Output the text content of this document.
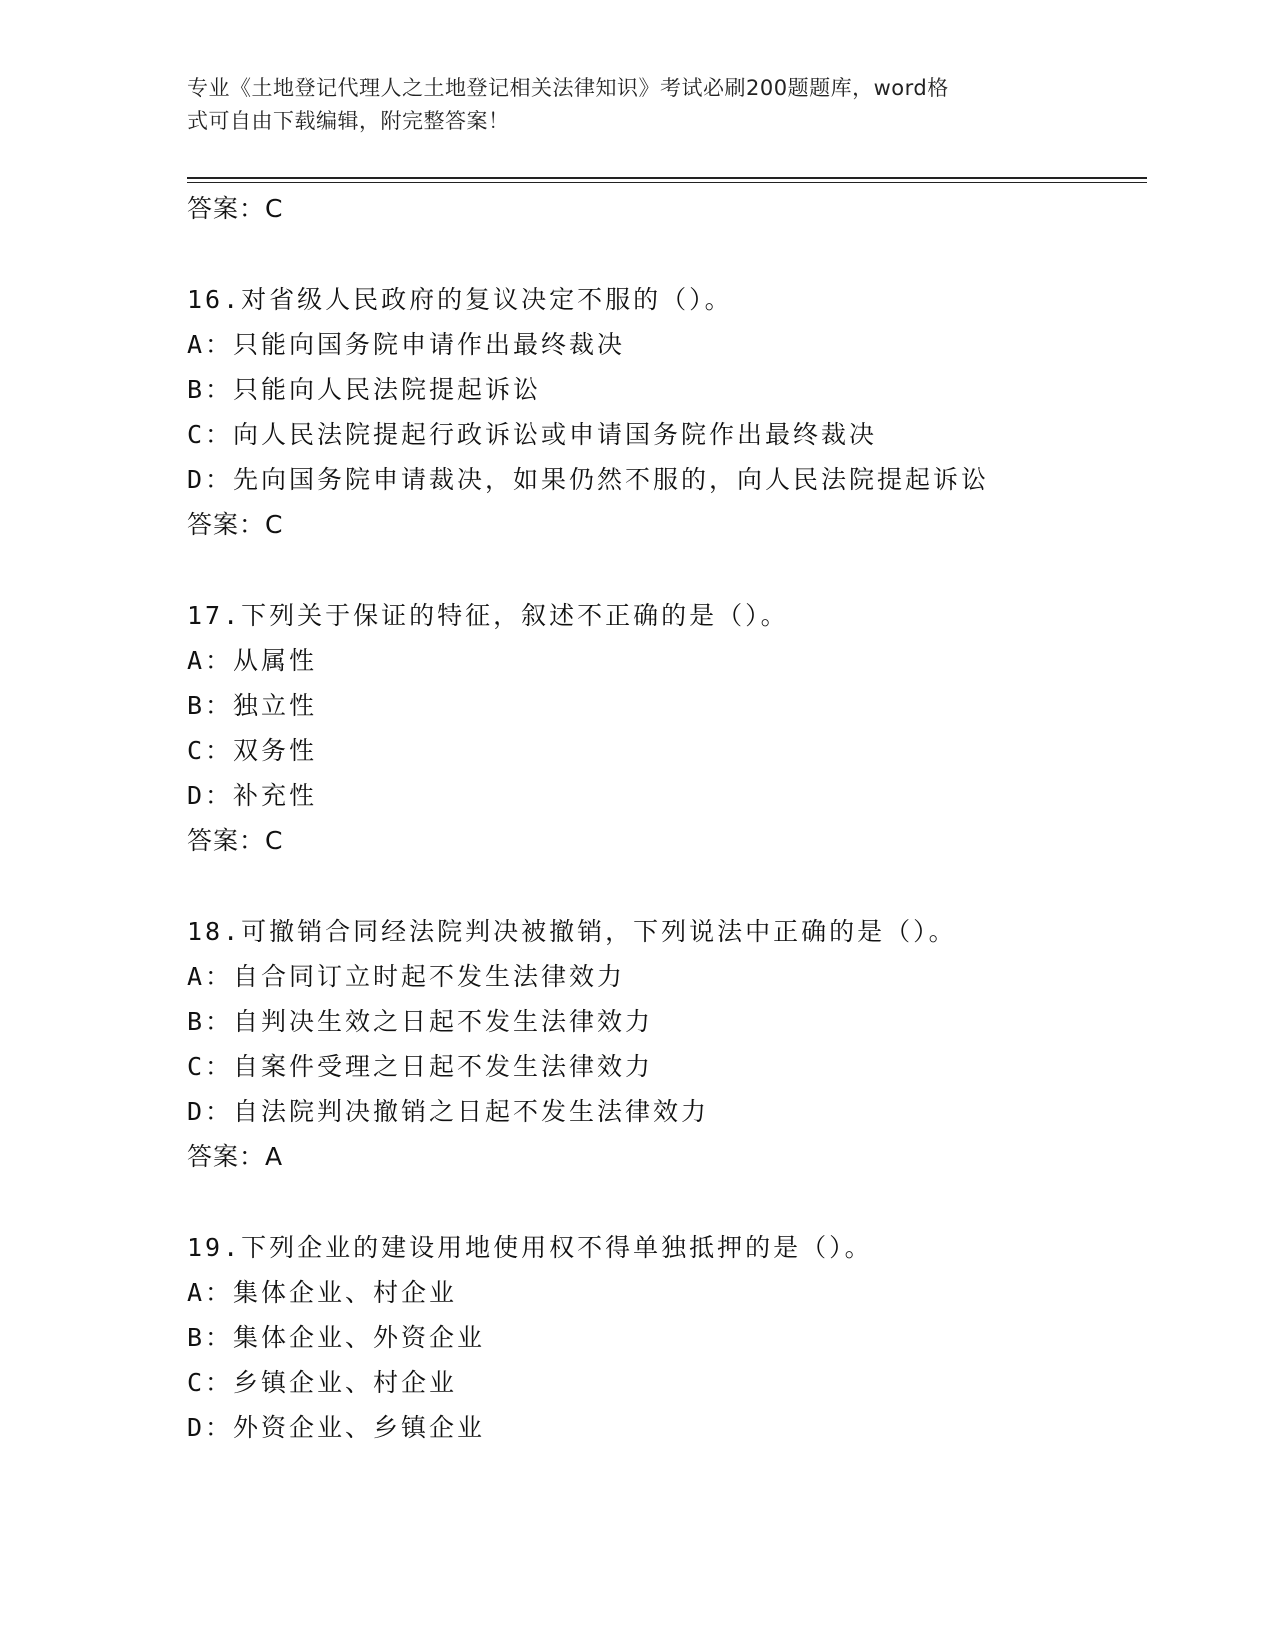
专业《土地登记代理人之土地登记相关法律知识》考试必刷200题题库，word格
式可自由下载编辑，附完整答案！
答案：C
16.对省级人民政府的复议决定不服的（）。
A：只能向国务院申请作出最终裁决
B：只能向人民法院提起诉讼
C：向人民法院提起行政诉讼或申请国务院作出最终裁决
D：先向国务院申请裁决，如果仍然不服的，向人民法院提起诉讼
答案：C
17.下列关于保证的特征，叙述不正确的是（）。
A：从属性
B：独立性
C：双务性
D：补充性
答案：C
18.可撤销合同经法院判决被撤销，下列说法中正确的是（）。
A：自合同订立时起不发生法律效力
B：自判决生效之日起不发生法律效力
C：自案件受理之日起不发生法律效力
D：自法院判决撤销之日起不发生法律效力
答案：A
19.下列企业的建设用地使用权不得单独抵押的是（）。
A：集体企业、村企业
B：集体企业、外资企业
C：乡镇企业、村企业
D：外资企业、乡镇企业
